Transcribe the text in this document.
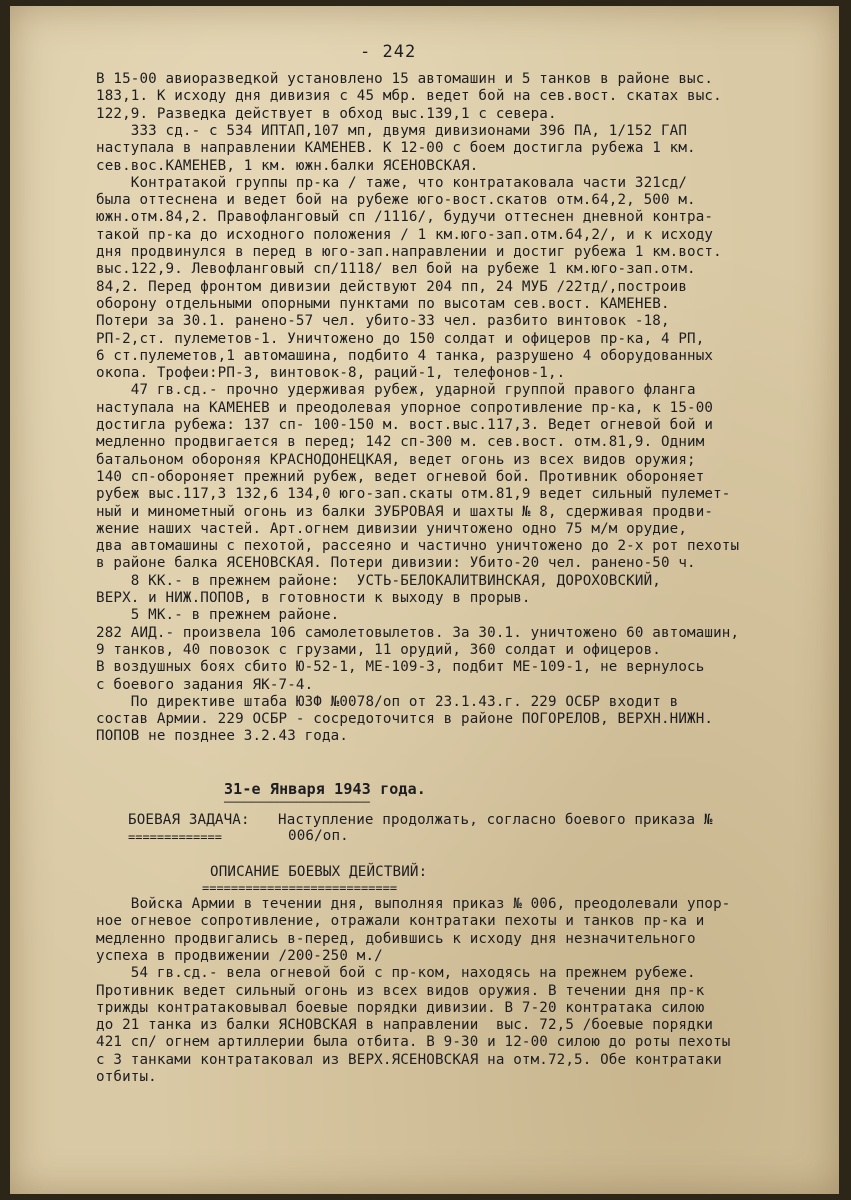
- 242
В 15-00 авиоразведкой установлено 15 автомашин и 5 танков в районе выс.
183,1. К исходу дня дивизия с 45 мбр. ведет бой на сев.вост. скатах выс.
122,9. Разведка действует в обход выс.139,1 с севера.
333 сд.- с 534 ИПТАП,107 мп, двумя дивизионами 396 ПА, 1/152 ГАП
наступала в направлении КАМЕНЕВ. К 12-00 с боем достигла рубежа 1 км.
сев.вос.КАМЕНЕВ, 1 км. южн.балки ЯСЕНОВСКАЯ.
Контратакой группы пр-ка / таже, что контратаковала части 321сд/
была оттеснена и ведет бой на рубеже юго-вост.скатов отм.64,2, 500 м.
южн.отм.84,2. Правофланговый сп /1116/, будучи оттеснен дневной контра-
такой пр-ка до исходного положения / 1 км.юго-зап.отм.64,2/, и к исходу
дня продвинулся в перед в юго-зап.направлении и достиг рубежа 1 км.вост.
выс.122,9. Левофланговый сп/1118/ вел бой на рубеже 1 км.юго-зап.отм.
84,2. Перед фронтом дивизии действуют 204 пп, 24 МУБ /22тд/,построив
оборону отдельными опорными пунктами по высотам сев.вост. КАМЕНЕВ.
Потери за 30.1. ранено-57 чел. убито-33 чел. разбито винтовок -18,
РП-2,ст. пулеметов-1. Уничтожено до 150 солдат и офицеров пр-ка, 4 РП,
6 ст.пулеметов,1 автомашина, подбито 4 танка, разрушено 4 оборудованных
окопа. Трофеи:РП-3, винтовок-8, раций-1, телефонов-1,.
47 гв.сд.- прочно удерживая рубеж, ударной группой правого фланга
наступала на КАМЕНЕВ и преодолевая упорное сопротивление пр-ка, к 15-00
достигла рубежа: 137 сп- 100-150 м. вост.выс.117,3. Ведет огневой бой и
медленно продвигается в перед; 142 сп-300 м. сев.вост. отм.81,9. Одним
батальоном обороняя КРАСНОДОНЕЦКАЯ, ведет огонь из всех видов оружия;
140 сп-обороняет прежний рубеж, ведет огневой бой. Противник обороняет
рубеж выс.117,3 132,6 134,0 юго-зап.скаты отм.81,9 ведет сильный пулемет-
ный и минометный огонь из балки ЗУБРОВАЯ и шахты № 8, сдерживая продви-
жение наших частей. Арт.огнем дивизии уничтожено одно 75 м/м орудие,
два автомашины с пехотой, рассеяно и частично уничтожено до 2-х рот пехоты
в районе балка ЯСЕНОВСКАЯ. Потери дивизии: Убито-20 чел. ранено-50 ч.
8 КК.- в прежнем районе:  УСТЬ-БЕЛОКАЛИТВИНСКАЯ, ДОРОХОВСКИЙ,
ВЕРХ. и НИЖ.ПОПОВ, в готовности к выходу в прорыв.
5 МК.- в прежнем районе.
282 АИД.- произвела 106 самолетовылетов. За 30.1. уничтожено 60 автомашин,
9 танков, 40 повозок с грузами, 11 орудий, 360 солдат и офицеров.
В воздушных боях сбито Ю-52-1, МЕ-109-3, подбит МЕ-109-1, не вернулось
с боевого задания ЯК-7-4.
По директиве штаба ЮЗФ №0078/оп от 23.1.43.г. 229 ОСБР входит в
состав Армии. 229 ОСБР - сосредоточится в районе ПОГОРЕЛОВ, ВЕРХН.НИЖН.
ПОПОВ не позднее 3.2.43 года.
31-е Января 1943 года.
──────────────────────
БОЕВАЯ ЗАДАЧА: Наступление продолжать, согласно боевого приказа №
=============	006/оп.
ОПИСАНИЕ БОЕВЫХ ДЕЙСТВИЙ:
===========================
Войска Армии в течении дня, выполняя приказ № 006, преодолевали упор-
ное огневое сопротивление, отражали контратаки пехоты и танков пр-ка и
медленно продвигались в-перед, добившись к исходу дня незначительного
успеха в продвижении /200-250 м./
54 гв.сд.- вела огневой бой с пр-ком, находясь на прежнем рубеже.
Противник ведет сильный огонь из всех видов оружия. В течении дня пр-к
трижды контратаковывал боевые порядки дивизии. В 7-20 контратака силою
до 21 танка из балки ЯСНОВСКАЯ в направлении  выс. 72,5 /боевые порядки
421 сп/ огнем артиллерии была отбита. В 9-30 и 12-00 силою до роты пехоты
с 3 танками контратаковал из ВЕРХ.ЯСЕНОВСКАЯ на отм.72,5. Обе контратаки
отбиты.
